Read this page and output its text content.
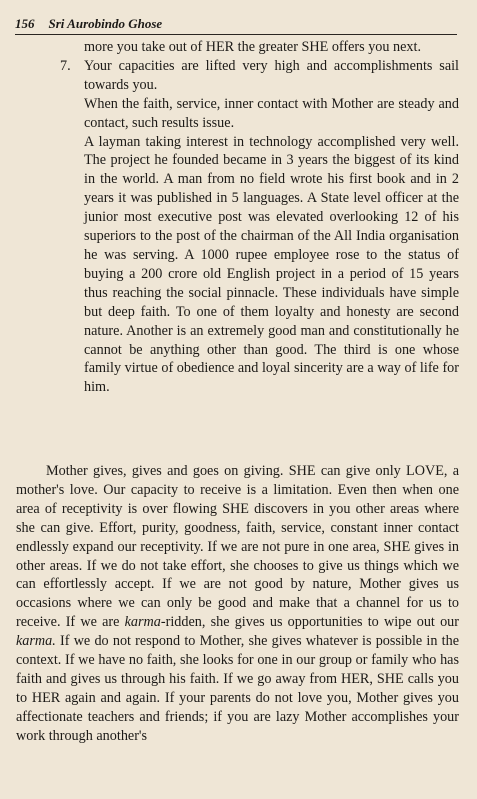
156 Sri Aurobindo Ghose

more you take out of HER the greater SHE offers you next.

7. Your capacities are lifted very high and accomplishments sail towards you.

When the faith, service, inner contact with Mother are steady and contact, such results issue.

A layman taking interest in technology accomplished very well. The project he founded became in 3 years the biggest of its kind in the world. A man from no field wrote his first book and in 2 years it was published in 5 languages. A State level officer at the junior most executive post was elevated overlooking 12 of his superiors to the post of the chairman of the All India organisation he was serving. A 1000 rupee employee rose to the status of buying a 200 crore old English project in a period of 15 years thus reaching the social pinnacle. These individuals have simple but deep faith. To one of them loyalty and honesty are second nature. Another is an extremely good man and constitutionally he cannot be anything other than good. The third is one whose family virtue of obedience and loyal sincerity are a way of life for him.

Mother gives, gives and goes on giving. SHE can give only LOVE, a mother's love. Our capacity to receive is a limitation. Even then when one area of receptivity is over flowing SHE discovers in you other areas where she can give. Effort, purity, goodness, faith, service, constant inner contact endlessly expand our receptivity. If we are not pure in one area, SHE gives in other areas. If we do not take effort, she chooses to give us things which we can effortlessly accept. If we are not good by nature, Mother gives us occasions where we can only be good and make that a channel for us to receive. If we are karma-ridden, she gives us opportunities to wipe out our karma. If we do not respond to Mother, she gives whatever is possible in the context. If we have no faith, she looks for one in our group or family who has faith and gives us through his faith. If we go away from HER, SHE calls you to HER again and again. If your parents do not love you, Mother gives you affectionate teachers and friends; if you are lazy Mother accomplishes your work through another's
